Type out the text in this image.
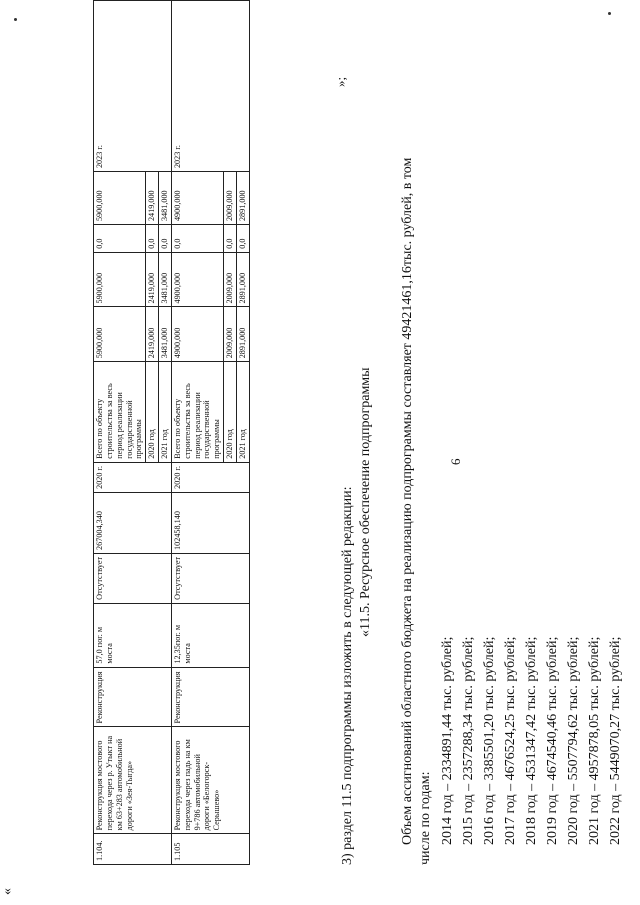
«
6
1.104.	Реконструкция мостового перехода через р. Утыкт на км 63+283 автомобильной дороги «Зея-Тыгда»	Реконструкция	57,0 пог. м моста	Отсутствует	267004,340	2020 г.	Всего по объекту строительства за весь период реализации государственной программы	5900,000	5900,000	0,0	5900,000	2023 г.
							2020 год	2419,000	2419,000	0,0	2419,000	
							2021 год	3481,000	3481,000	0,0	3481,000	
1.105	Реконструкция мостового перехода через падь на км 9+786 автомобильной дороги «Белогорск-Серышево»	Реконструкция	12,35пог. м моста	Отсутствует	102458,140	2020 г.	Всего по объекту строительства за весь период реализации государственной программы	4900,000	4900,000	0,0	4900,000	2023 г.
							2020 год	2009,000	2009,000	0,0	2009,000	
							2021 год	2891,000	2891,000	0,0	2891,000	
»;
3) раздел 11.5 подпрограммы изложить в следующей редакции: «11.5. Ресурсное обеспечение подпрограммы Объем ассигнований областного бюджета на реализацию подпрограммы составляет 49421461,16тыс. рублей, в том числе по годам: 2014 год – 2334891,44 тыс. рублей; 2015 год – 2357288,34 тыс. рублей; 2016 год – 3385501,20 тыс. рублей; 2017 год – 4676524,25 тыс. рублей; 2018 год – 4531347,42 тыс. рублей; 2019 год – 4674540,46 тыс. рублей; 2020 год – 5507794,62 тыс. рублей; 2021 год – 4957878,05 тыс. рублей; 2022 год – 5449070,27 тыс. рублей;
